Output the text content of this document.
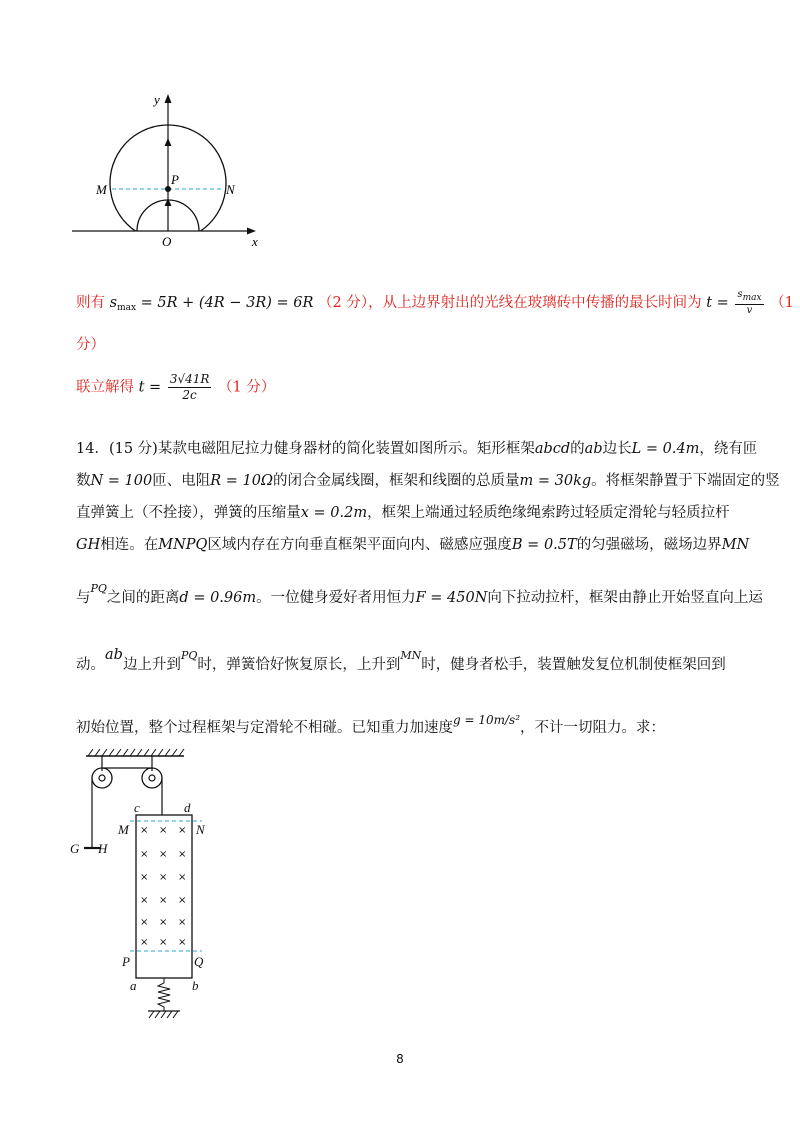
y
x
O
M	N
P
则有 $s_{max} = 5R + (4R - 3R) = 6R$ （2 分），从上边界射出的光线在玻璃砖中传播的最长时间为 $t = \frac{smax}{v} (1$
分）
联立解得 $t = \frac{3√41R}{2c} (1$ 分）
14．(15 分)某款电磁阻尼拉力健身器材的简化装置如图所示。矩形框架abcd的ab边长L = 0.4m，绕有匝
数N = 100匝、电阻R = 10Ω的闭合金属线圈，框架和线圈的总质量m = 30kg。将框架静置于下端固定的竖
直弹簧上（不拴接），弹簧的压缩量x = 0.2m，框架上端通过轻质绝缘绳索跨过轻质定滑轮与轻质拉杆
GH相连。在MNPQ区域内存在方向垂直框架平面向内、磁感应强度B = 0.5T的匀强磁场，磁场边界MN
与$^{PQ}$之间的距离d = 0.96m。一位健身爱好者用恒力F = 450N向下拉动拉杆，框架由静止开始竖直向上运
动。ab边上升到$^{PQ}$时，弹簧恰好恢复原长，上升到$^{MN}$时，健身者松手，装置触发复位机制使框架回到
初始位置，整个过程框架与定滑轮不相碰。已知重力加速度$^{g = 10m/s^2}$，不计一切阻力。求：
× × ×
× × ×
× × ×
× × ×
× × ×
× × ×
c	d
M	N
G H
P	Q
a	b
8
